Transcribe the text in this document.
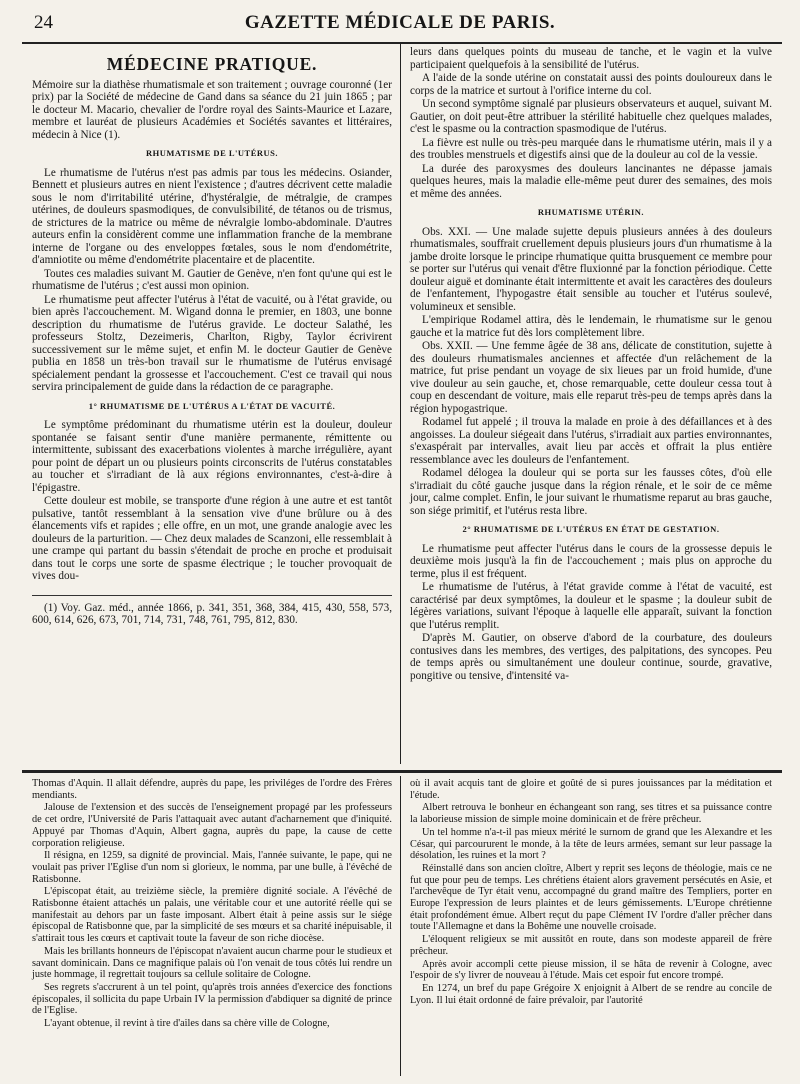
24	GAZETTE MÉDICALE DE PARIS.
MÉDECINE PRATIQUE.

Mémoire sur la diathèse rhumatismale et son traitement ; ouvrage couronné (1er prix) par la Société de médecine de Gand dans sa séance du 21 juin 1865 ; par le docteur M. Macario, chevalier de l'ordre royal des Saints-Maurice et Lazare, membre et lauréat de plusieurs Académies et Sociétés savantes et littéraires, médecin à Nice (1).

RHUMATISME DE L'UTÉRUS.

Le rhumatisme de l'utérus n'est pas admis par tous les médecins. Osiander, Bennett et plusieurs autres en nient l'existence ; d'autres décrivent cette maladie sous le nom d'irritabilité utérine, d'hystéralgie, de métralgie, de crampes utérines, de douleurs spasmodiques, de convulsibilité, de tétanos ou de trismus, de strictures de la matrice ou même de névralgie lombo-abdominale. D'autres auteurs enfin la considèrent comme une inflammation franche de la membrane interne de l'organe ou des enveloppes fœtales, sous le nom d'endométrite, d'amniotite ou même d'endométrite placentaire et de placentite.

Toutes ces maladies suivant M. Gautier de Genève, n'en font qu'une qui est le rhumatisme de l'utérus ; c'est aussi mon opinion.

Le rhumatisme peut affecter l'utérus à l'état de vacuité, ou à l'état gravide, ou bien après l'accouchement. M. Wigand donna le premier, en 1803, une bonne description du rhumatisme de l'utérus gravide. Le docteur Salathé, les professeurs Stoltz, Dezeimeris, Charlton, Rigby, Taylor écrivirent successivement sur le même sujet, et enfin M. le docteur Gautier de Genève publia en 1858 un très-bon travail sur le rhumatisme de l'utérus envisagé spécialement pendant la grossesse et l'accouchement. C'est ce travail qui nous servira principalement de guide dans la rédaction de ce paragraphe.

1° RHUMATISME DE L'UTÉRUS A L'ÉTAT DE VACUITÉ.

Le symptôme prédominant du rhumatisme utérin est la douleur, douleur spontanée se faisant sentir d'une manière permanente, rémittente ou intermittente, subissant des exacerbations violentes à marche irrégulière, ayant pour point de départ un ou plusieurs points circonscrits de l'utérus constatables au toucher et s'irradiant de là aux régions environnantes, c'est-à-dire à l'épigastre.

Cette douleur est mobile, se transporte d'une région à une autre et est tantôt pulsative, tantôt ressemblant à la sensation vive d'une brûlure ou à des élancements vifs et rapides ; elle offre, en un mot, une grande analogie avec les douleurs de la parturition. — Chez deux malades de Scanzoni, elle ressemblait à une crampe qui partant du bassin s'étendait de proche en proche et produisait dans tout le corps une sorte de spasme électrique ; le toucher provoquait de vives dou-

(1) Voy. Gaz. méd., année 1866, p. 341, 351, 368, 384, 415, 430, 558, 573, 600, 614, 626, 673, 701, 714, 731, 748, 761, 795, 812, 830.

leurs dans quelques points du museau de tanche, et le vagin et la vulve participaient quelquefois à la sensibilité de l'utérus.

A l'aide de la sonde utérine on constatait aussi des points douloureux dans le corps de la matrice et surtout à l'orifice interne du col.

Un second symptôme signalé par plusieurs observateurs et auquel, suivant M. Gautier, on doit peut-être attribuer la stérilité habituelle chez quelques malades, c'est le spasme ou la contraction spasmodique de l'utérus.

La fièvre est nulle ou très-peu marquée dans le rhumatisme utérin, mais il y a des troubles menstruels et digestifs ainsi que de la douleur au col de la vessie.

La durée des paroxysmes des douleurs lancinantes ne dépasse jamais quelques heures, mais la maladie elle-même peut durer des semaines, des mois et même des années.

RHUMATISME UTÉRIN.

Obs. XXI. — Une malade sujette depuis plusieurs années à des douleurs rhumatismales, souffrait cruellement depuis plusieurs jours d'un rhumatisme à la jambe droite lorsque le principe rhumatique quitta brusquement ce membre pour se porter sur l'utérus qui venait d'être fluxionné par la fonction périodique. Cette douleur aiguë et dominante était intermittente et avait les caractères des douleurs de l'enfantement, l'hypogastre était sensible au toucher et l'utérus soulevé, volumineux et sensible.

L'empirique Rodamel attira, dès le lendemain, le rhumatisme sur le genou gauche et la matrice fut dès lors complètement libre.

Obs. XXII. — Une femme âgée de 38 ans, délicate de constitution, sujette à des douleurs rhumatismales anciennes et affectée d'un relâchement de la matrice, fut prise pendant un voyage de six lieues par un froid humide, d'une vive douleur au sein gauche, et, chose remarquable, cette douleur cessa tout à coup en descendant de voiture, mais elle reparut très-peu de temps après dans la région hypogastrique.

Rodamel fut appelé ; il trouva la malade en proie à des défaillances et à des angoisses. La douleur siégeait dans l'utérus, s'irradiait aux parties environnantes, s'exaspérait par intervalles, avait lieu par accès et offrait la plus entière ressemblance avec les douleurs de l'enfantement.

Rodamel délogea la douleur qui se porta sur les fausses côtes, d'où elle s'irradiait du côté gauche jusque dans la région rénale, et le soir de ce même jour, calme complet. Enfin, le jour suivant le rhumatisme reparut au bras gauche, son siége primitif, et l'utérus resta libre.

2° RHUMATISME DE L'UTÉRUS EN ÉTAT DE GESTATION.

Le rhumatisme peut affecter l'utérus dans le cours de la grossesse depuis le deuxième mois jusqu'à la fin de l'accouchement ; mais plus on approche du terme, plus il est fréquent.

Le rhumatisme de l'utérus, à l'état gravide comme à l'état de vacuité, est caractérisé par deux symptômes, la douleur et le spasme ; la douleur subit de légères variations, suivant l'époque à laquelle elle apparaît, suivant la fonction que l'utérus remplit.

D'après M. Gautier, on observe d'abord de la courbature, des douleurs contusives dans les membres, des vertiges, des palpitations, des syncopes. Peu de temps après ou simultanément une douleur continue, sourde, gravative, pongitive ou tensive, d'intensité va-

Thomas d'Aquin. Il allait défendre, auprès du pape, les priviléges de l'ordre des Frères mendiants.

Jalouse de l'extension et des succès de l'enseignement propagé par les professeurs de cet ordre, l'Université de Paris l'attaquait avec autant d'acharnement que d'iniquité. Appuyé par Thomas d'Aquin, Albert gagna, auprès du pape, la cause de cette corporation religieuse.

Il résigna, en 1259, sa dignité de provincial. Mais, l'année suivante, le pape, qui ne voulait pas priver l'Eglise d'un nom si glorieux, le nomma, par une bulle, à l'évêché de Ratisbonne.

L'épiscopat était, au treizième siècle, la première dignité sociale. A l'évêché de Ratisbonne étaient attachés un palais, une véritable cour et une autorité réelle qui se manifestait au dehors par un faste imposant. Albert était à peine assis sur le siége épiscopal de Ratisbonne que, par la simplicité de ses mœurs et sa charité inépuisable, il s'attirait tous les cœurs et captivait toute la faveur de son riche diocèse.

Mais les brillants honneurs de l'épiscopat n'avaient aucun charme pour le studieux et savant dominicain. Dans ce magnifique palais où l'on venait de tous côtés lui rendre un juste hommage, il regrettait toujours sa cellule solitaire de Cologne.

Ses regrets s'accrurent à un tel point, qu'après trois années d'exercice des fonctions épiscopales, il sollicita du pape Urbain IV la permission d'abdiquer sa dignité de prince de l'Eglise.

L'ayant obtenue, il revint à tire d'ailes dans sa chère ville de Cologne,

où il avait acquis tant de gloire et goûté de si pures jouissances par la méditation et l'étude.

Albert retrouva le bonheur en échangeant son rang, ses titres et sa puissance contre la laborieuse mission de simple moine dominicain et de frère prêcheur.

Un tel homme n'a-t-il pas mieux mérité le surnom de grand que les Alexandre et les César, qui parcoururent le monde, à la tête de leurs armées, semant sur leur passage la désolation, les ruines et la mort ?

Réinstallé dans son ancien cloître, Albert y reprit ses leçons de théologie, mais ce ne fut que pour peu de temps. Les chrétiens étaient alors gravement persécutés en Asie, et l'archevêque de Tyr était venu, accompagné du grand maître des Templiers, porter en Europe l'expression de leurs plaintes et de leurs gémissements. L'Europe chrétienne était profondément émue. Albert reçut du pape Clément IV l'ordre d'aller prêcher dans toute l'Allemagne et dans la Bohême une nouvelle croisade.

L'éloquent religieux se mit aussitôt en route, dans son modeste appareil de frère prêcheur.

Après avoir accompli cette pieuse mission, il se hâta de revenir à Cologne, avec l'espoir de s'y livrer de nouveau à l'étude. Mais cet espoir fut encore trompé.

En 1274, un bref du pape Grégoire X enjoignit à Albert de se rendre au concile de Lyon. Il lui était ordonné de faire prévaloir, par l'autorité
